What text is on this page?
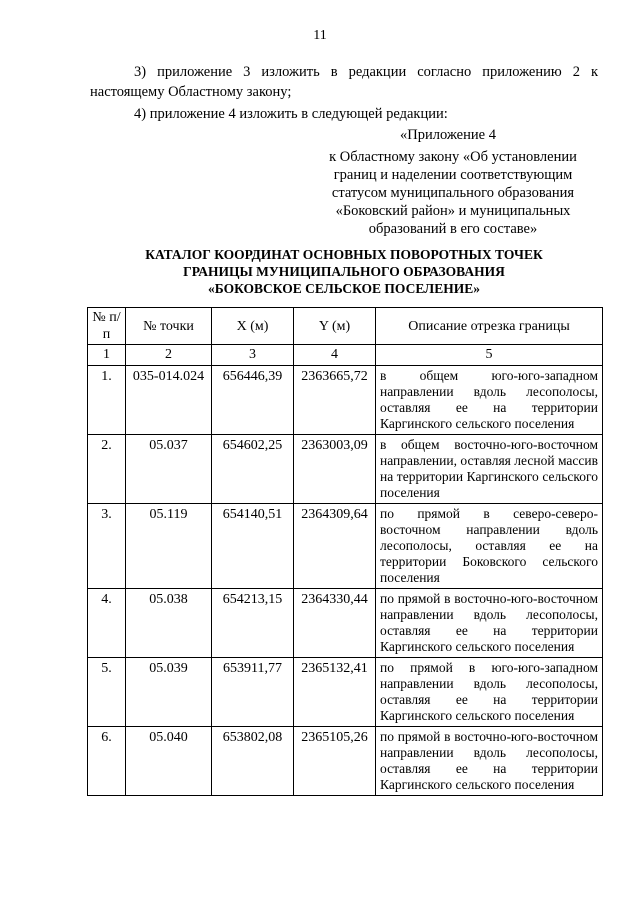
11
3) приложение 3 изложить в редакции согласно приложению 2 к настоящему Областному закону;
4) приложение 4 изложить в следующей редакции:
«Приложение 4
к Областному закону «Об установлении
границ и наделении соответствующим
статусом муниципального образования
«Боковский район» и муниципальных
образований в его составе»
КАТАЛОГ КООРДИНАТ ОСНОВНЫХ ПОВОРОТНЫХ ТОЧЕК
ГРАНИЦЫ МУНИЦИПАЛЬНОГО ОБРАЗОВАНИЯ
«БОКОВСКОЕ СЕЛЬСКОЕ ПОСЕЛЕНИЕ»
№ п/п	№ точки	X (м)	Y (м)	Описание отрезка границы
1	2	3	4	5
1.	035-014.024	656446,39	2363665,72	в общем юго-юго-западном направлении вдоль лесополосы, оставляя ее на территории Каргинского сельского поселения
2.	05.037	654602,25	2363003,09	в общем восточно-юго-восточном направлении, оставляя лесной массив на территории Каргинского сельского поселения
3.	05.119	654140,51	2364309,64	по прямой в северо-северо-восточном направлении вдоль лесополосы, оставляя ее на территории Боковского сельского поселения
4.	05.038	654213,15	2364330,44	по прямой в восточно-юго-восточном направлении вдоль лесополосы, оставляя ее на территории Каргинского сельского поселения
5.	05.039	653911,77	2365132,41	по прямой в юго-юго-западном направлении вдоль лесополосы, оставляя ее на территории Каргинского сельского поселения
6.	05.040	653802,08	2365105,26	по прямой в восточно-юго-восточном направлении вдоль лесополосы, оставляя ее на территории Каргинского сельского поселения
